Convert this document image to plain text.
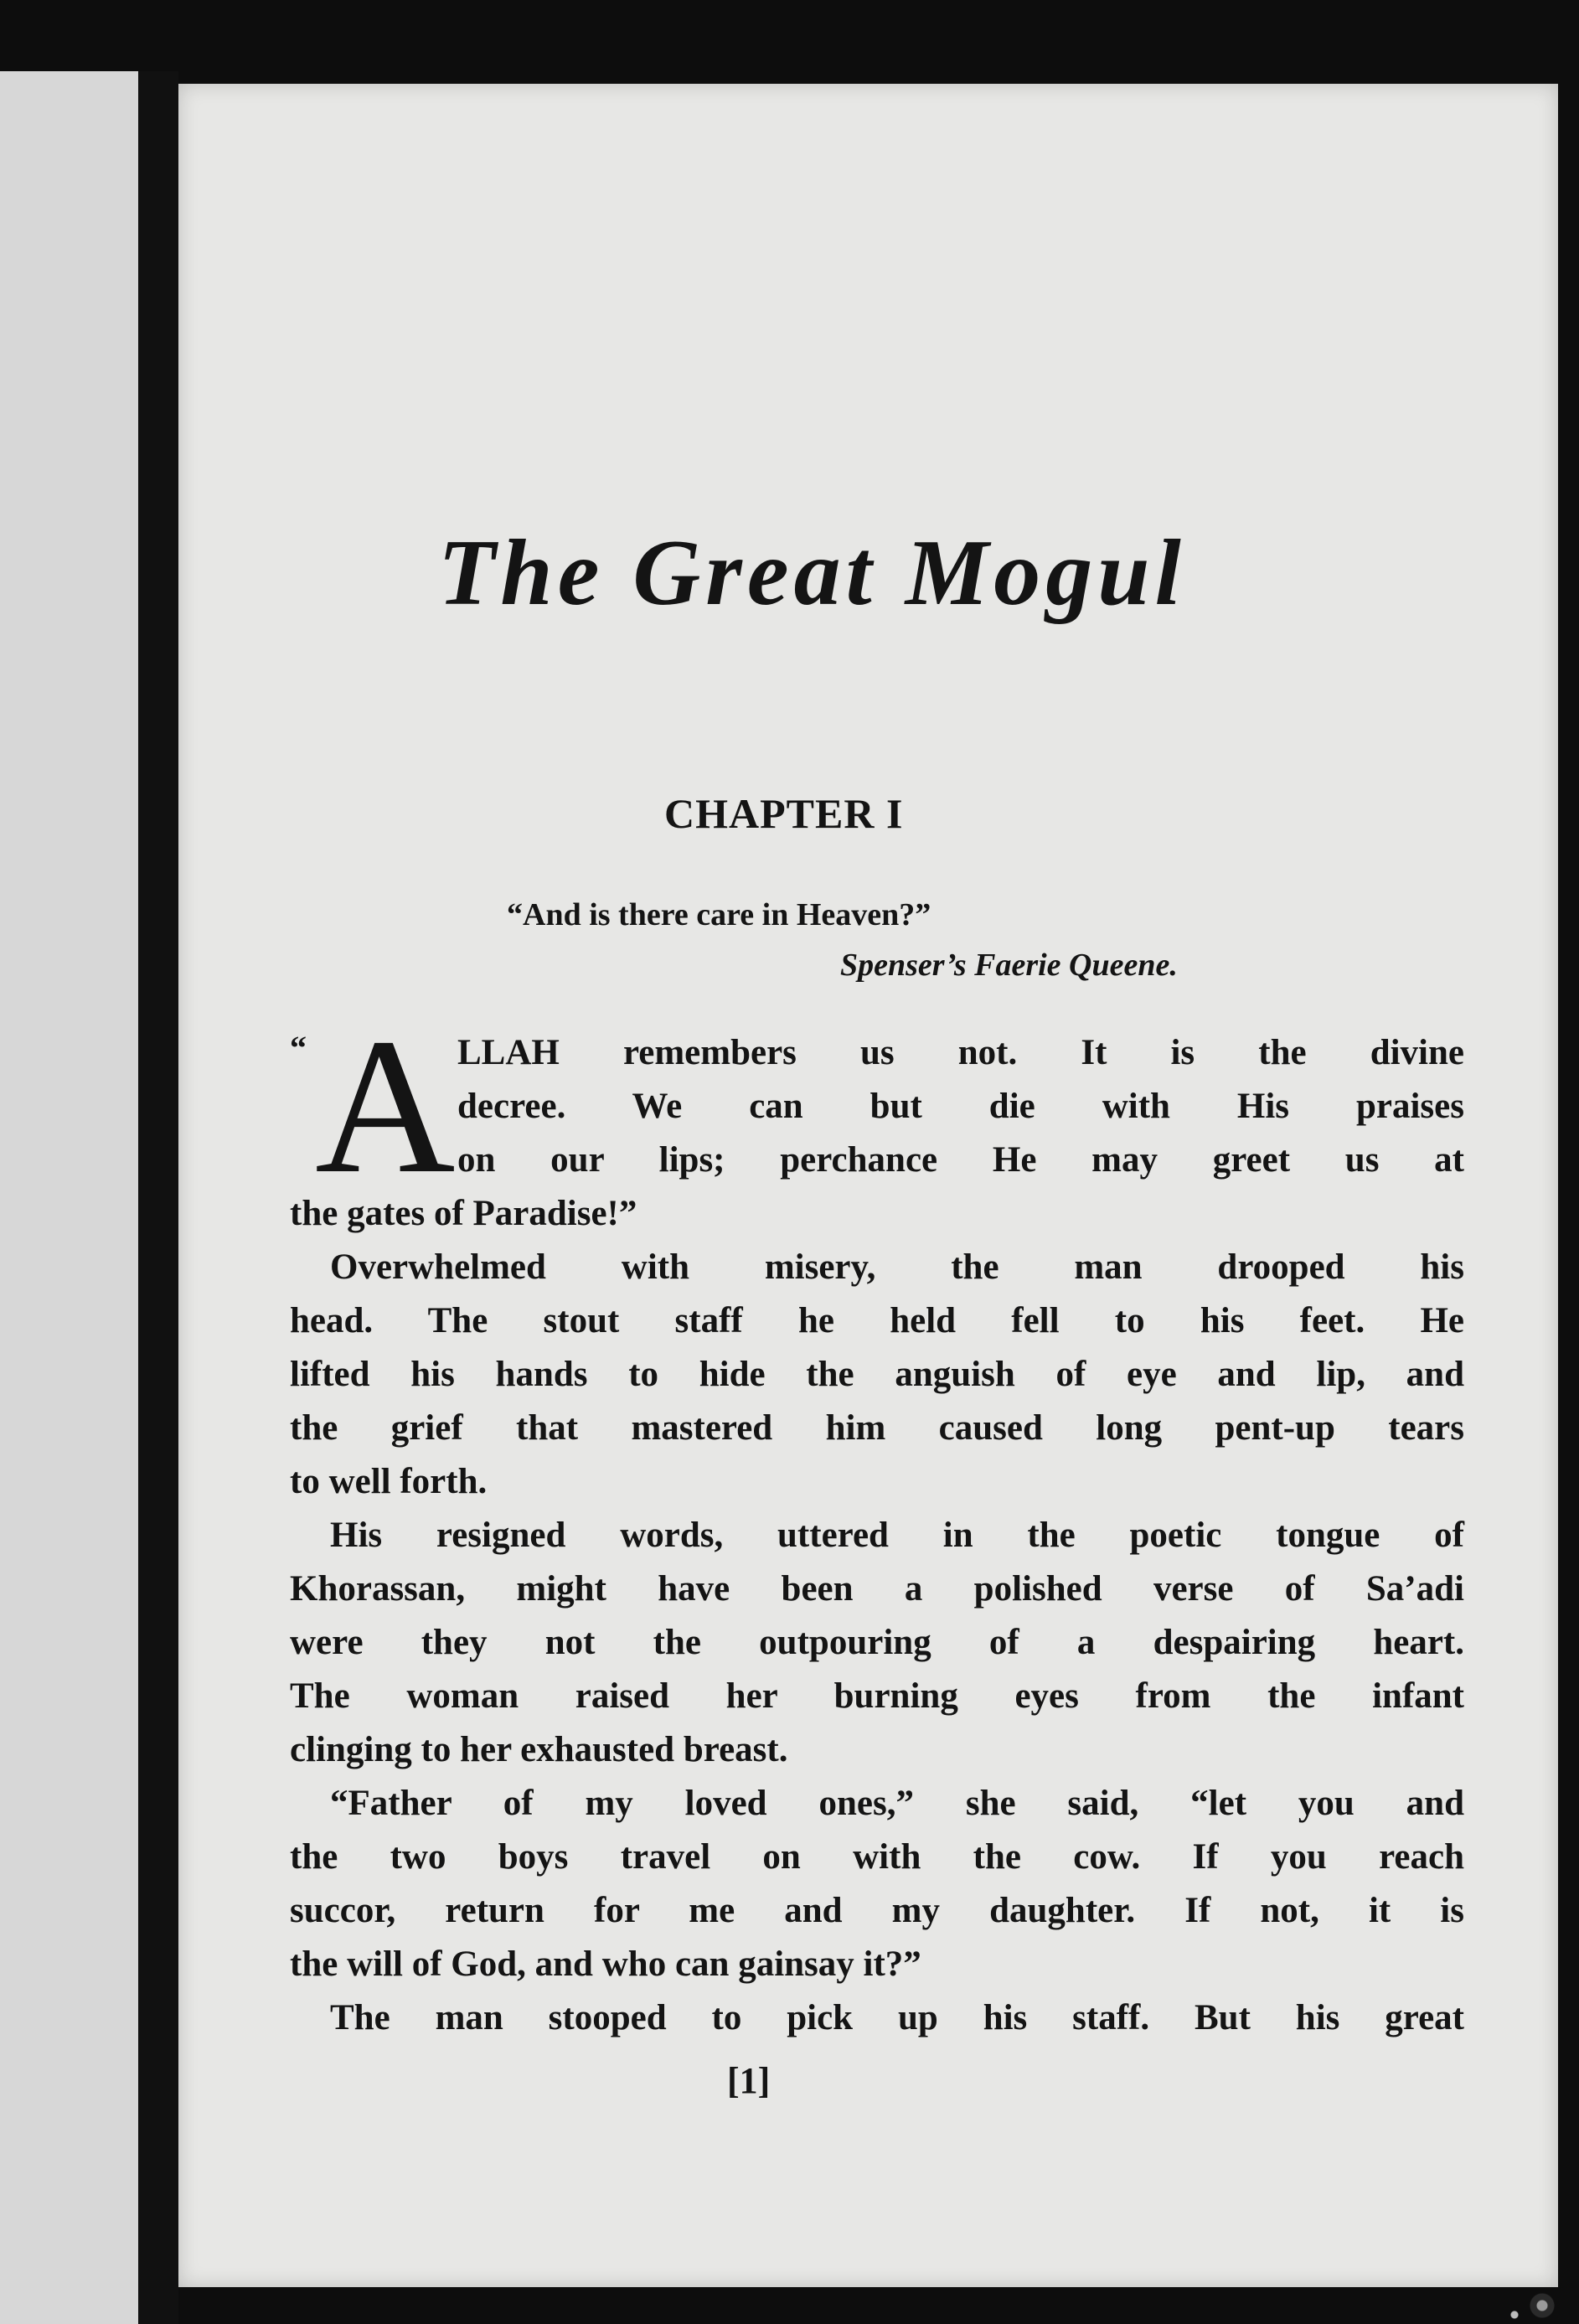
The Great Mogul
CHAPTER I

“And is there care in Heaven?”

Spenser’s Faerie Queene.

“ A LLAH remembers us not. It is the divine
decree. We can but die with His praises
on our lips; perchance He may greet us at
the gates of Paradise!”
Overwhelmed with misery, the man drooped his
head. The stout staff he held fell to his feet. He
lifted his hands to hide the anguish of eye and lip, and
the grief that mastered him caused long pent-up tears
to well forth.
His resigned words, uttered in the poetic tongue of
Khorassan, might have been a polished verse of Sa’adi
were they not the outpouring of a despairing heart.
The woman raised her burning eyes from the infant
clinging to her exhausted breast.
“Father of my loved ones,” she said, “let you and
the two boys travel on with the cow. If you reach
succor, return for me and my daughter. If not, it is
the will of God, and who can gainsay it?”
The man stooped to pick up his staff. But his great

[1]
